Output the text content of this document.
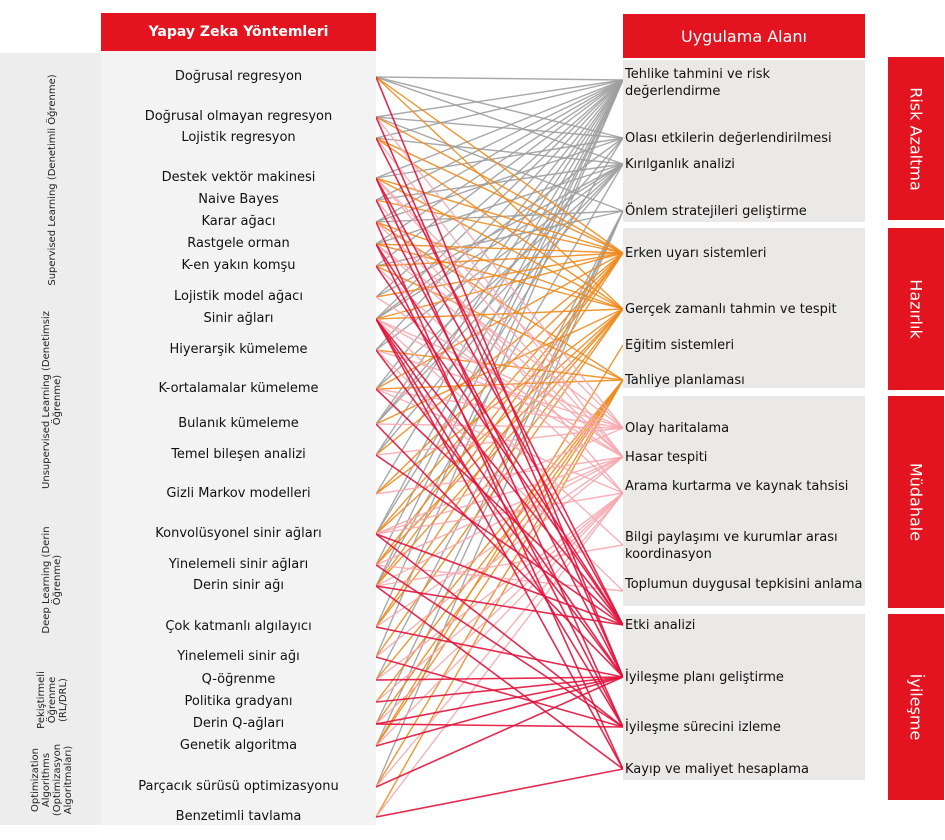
Yapay Zeka Yöntemleri	Uygulama Alanı
Supervised Learning (Denetimli Öğrenme)
Unsupervised Learning (Denetimsiz Öğrenme)
Deep Learning (Derin Öğrenme)
Pekiştirmeli Öğrenme (RL/DRL)
Optimization Algorithms (Optimizasyon Algoritmaları)
Doğrusal regresyon
Doğrusal olmayan regresyon
Lojistik regresyon
Destek vektör makinesi
Naive Bayes
Karar ağacı
Rastgele orman
K-en yakın komşu
Lojistik model ağacı
Sinir ağları
Hiyerarşik kümeleme
K-ortalamalar kümeleme
Bulanık kümeleme
Temel bileşen analizi
Gizli Markov modelleri
Konvolüsyonel sinir ağları
Yinelemeli sinir ağları
Derin sinir ağı
Çok katmanlı algılayıcı
Yinelemeli sinir ağı
Q-öğrenme
Politika gradyanı
Derin Q-ağları
Genetik algoritma
Parçacık sürüsü optimizasyonu
Benzetimli tavlama
Tehlike tahmini ve risk değerlendirme
Olası etkilerin değerlendirilmesi
Kırılganlık analizi
Önlem stratejileri geliştirme
Erken uyarı sistemleri
Gerçek zamanlı tahmin ve tespit
Eğitim sistemleri
Tahliye planlaması
Olay haritalama
Hasar tespiti
Arama kurtarma ve kaynak tahsisi
Bilgi paylaşımı ve kurumlar arası koordinasyon
Toplumun duygusal tepkisini anlama
Etki analizi
İyileşme planı geliştirme
İyileşme sürecini izleme
Kayıp ve maliyet hesaplama
Risk Azaltma
Hazırlık
Müdahale
İyileşme
